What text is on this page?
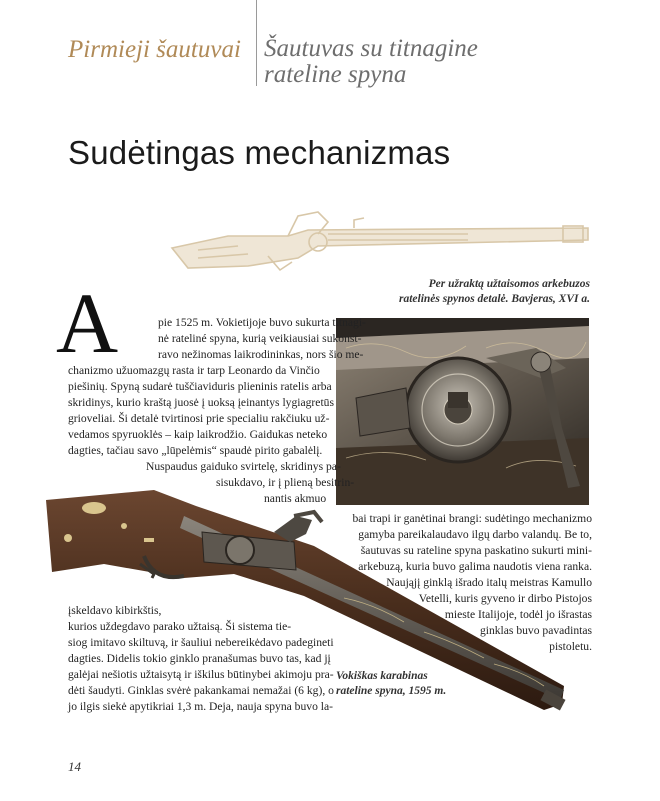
Pirmieji šautuvai Šautuvas su titnagine
rateline spyna
Sudėtingas mechanizmas
Per užraktą užtaisomos arkebuzos
ratelinės spynos detalė. Bavjeras, XVI a.
Vokiškas karabinas
rateline spyna, 1595 m.
A	pie 1525 m. Vokietijoje buvo sukurta titnagi-
nė rateliné spyna, kurią veikiausiai sukonst-
ravo nežinomas laikrodininkas, nors šio me-
chanizmo užuomazgų rasta ir tarp Leonardo da Vinčio
piešinių. Spyną sudarė tuščiaviduris plieninis ratelis arba
skridinys, kurio kraštą juosė į uoksą įeinantys lygiagretūs
grioveliai. Ši detalė tvirtinosi prie specialiu rakčiuku už-
vedamos spyruoklės – kaip laikrodžio. Gaidukas neteko
dagties, tačiau savo „lūpelėmis“ spaudė pirito gabalėlį.
Nuspaudus gaiduko svirtelę, skridinys pa-
sisukdavo, ir į plieną besitrin-
nantis akmuo
įskeldavo kibirkštis,
kurios uždegdavo parako užtaisą. Ši sistema tie-
siog imitavo skiltuvą, ir šauliui nebereikėdavo padegineti
dagties. Didelis tokio ginklo pranašumas buvo tas, kad jį
galėjai nešiotis užtaisytą ir iškilus būtinybei akimoju pra-
dėti šaudyti. Ginklas svėrė pakankamai nemažai (6 kg), o
jo ilgis siekė apytikriai 1,3 m. Deja, nauja spyna buvo la-
bai trapi ir ganėtinai brangi: sudėtingo mechanizmo
gamyba pareikalaudavo ilgų darbo valandų. Be to,
šautuvas su rateline spyna paskatino sukurti mini-
arkebuzą, kuria buvo galima naudotis viena ranka.
Naująjį ginklą išrado italų meistras Kamullo
Vetelli, kuris gyveno ir dirbo Pistojos
mieste Italijoje, todėl jo išrastas
ginklas buvo pavadintas
pistoletu.
14
